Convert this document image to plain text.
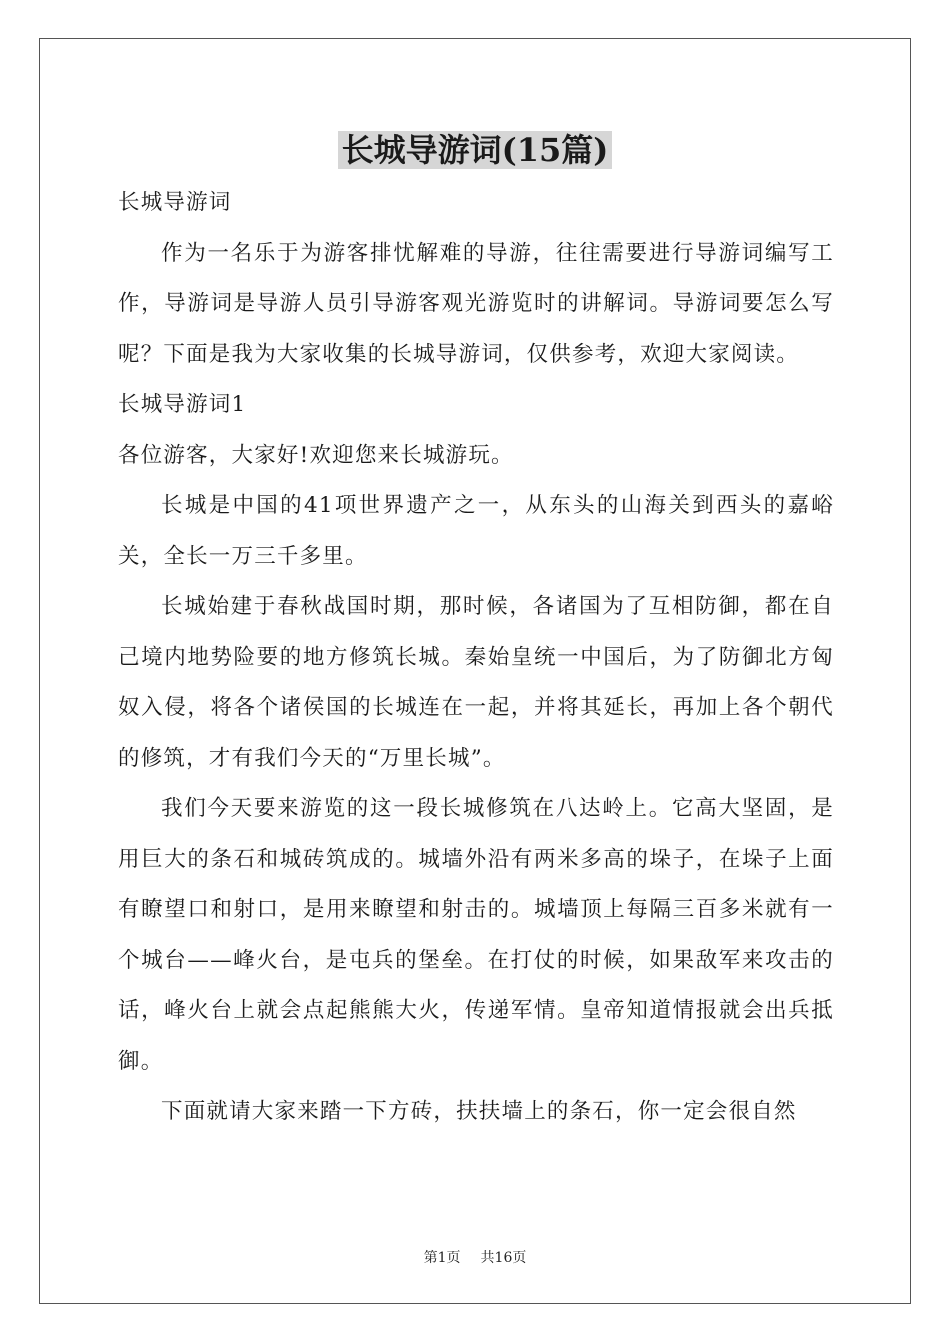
长城导游词(15篇)

长城导游词

作为一名乐于为游客排忧解难的导游，往往需要进行导游词编写工作，导游词是导游人员引导游客观光游览时的讲解词。导游词要怎么写呢？下面是我为大家收集的长城导游词，仅供参考，欢迎大家阅读。

长城导游词1

各位游客，大家好!欢迎您来长城游玩。

长城是中国的41项世界遗产之一，从东头的山海关到西头的嘉峪关，全长一万三千多里。

长城始建于春秋战国时期，那时候，各诸国为了互相防御，都在自己境内地势险要的地方修筑长城。秦始皇统一中国后，为了防御北方匈奴入侵，将各个诸侯国的长城连在一起，并将其延长，再加上各个朝代的修筑，才有我们今天的“万里长城”。

我们今天要来游览的这一段长城修筑在八达岭上。它高大坚固，是用巨大的条石和城砖筑成的。城墙外沿有两米多高的垛子，在垛子上面有瞭望口和射口，是用来瞭望和射击的。城墙顶上每隔三百多米就有一个城台——峰火台，是屯兵的堡垒。在打仗的时候，如果敌军来攻击的话，峰火台上就会点起熊熊大火，传递军情。皇帝知道情报就会出兵抵御。

下面就请大家来踏一下方砖，扶扶墙上的条石，你一定会很自然

第1页 共16页
